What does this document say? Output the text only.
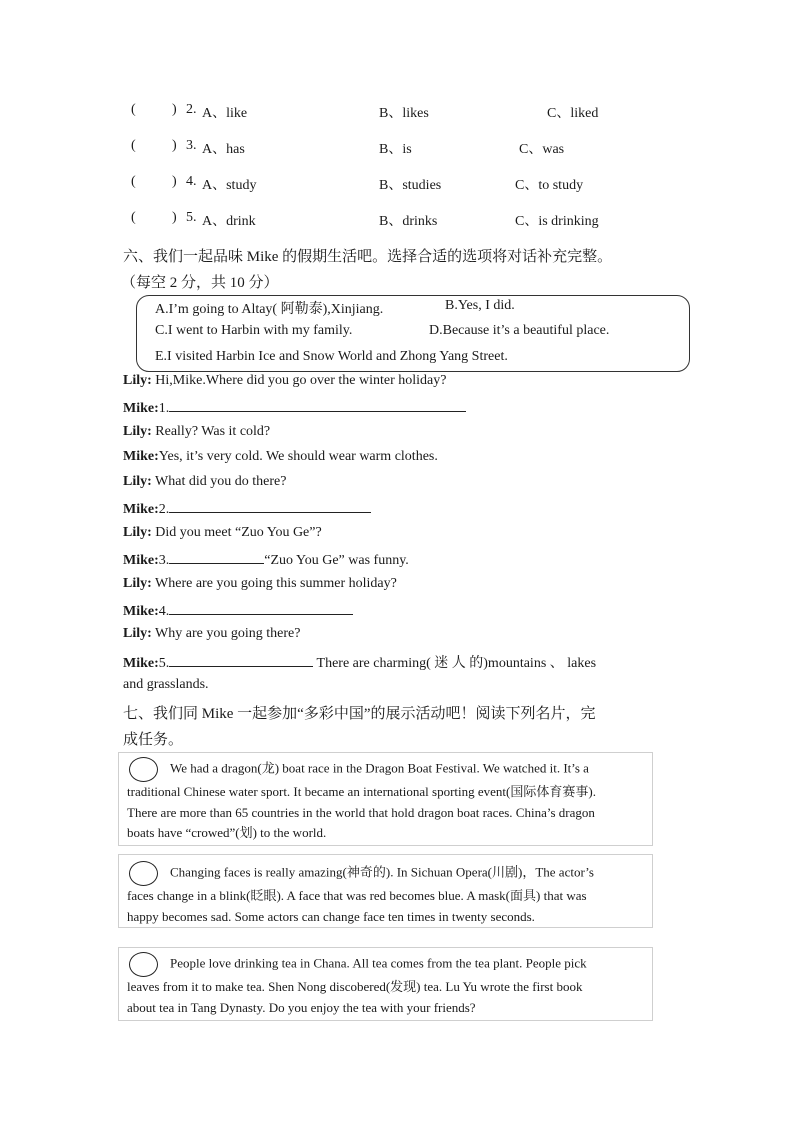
(	) 2. A、like	B、likes	C、liked
(	) 3. A、has	B、is	C、was
(	) 4. A、study	B、studies	C、to study
(	) 5. A、drink	B、drinks	C、is drinking
六、我们一起品味 Mike 的假期生活吧。选择合适的选项将对话补充完整。
（每空 2 分，共 10 分）
A.I’m going to Altay( 阿勒泰),Xinjiang.	B.Yes, I did.
C.I went to Harbin with my family.	D.Because it’s a beautiful place.
E.I visited Harbin Ice and Snow World and Zhong Yang Street.
Lily: Hi,Mike.Where did you go over the winter holiday?
Mike:1.
Lily: Really? Was it cold?
Mike:Yes, it’s very cold. We should wear warm clothes.
Lily: What did you do there?
Mike:2.
Lily: Did you meet “Zuo You Ge”?
Mike:3.	“Zuo You Ge” was funny.
Lily: Where are you going this summer holiday?
Mike:4.
Lily: Why are you going there?
Mike:5.	There are charming( 迷 人 的)mountains 、 lakes
and grasslands.
七、我们同 Mike 一起参加“多彩中国”的展示活动吧！阅读下列名片，完
成任务。

We had a dragon(龙) boat race in the Dragon Boat Festival. We watched it. It’s a

traditional Chinese water sport. It became an international sporting event(国际体育赛事).

There are more than 65 countries in the world that hold dragon boat races. China’s dragon

boats have “crowed”(划) to the world.

Changing faces is really amazing(神奇的). In Sichuan Opera(川剧)，The actor’s

faces change in a blink(眨眼). A face that was red becomes blue. A mask(面具) that was

happy becomes sad. Some actors can change face ten times in twenty seconds.

People love drinking tea in Chana. All tea comes from the tea plant. People pick

leaves from it to make tea. Shen Nong discobered(发现) tea. Lu Yu wrote the first book

about tea in Tang Dynasty. Do you enjoy the tea with your friends?
